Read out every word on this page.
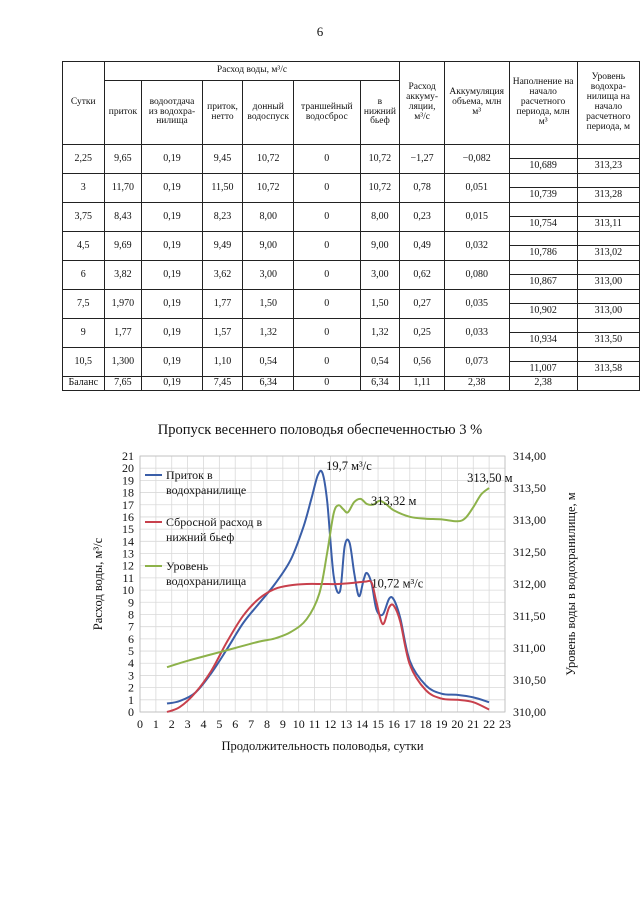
6
Сутки	Расход воды, м³/с						Расход аккуму-ляции, м³/с	Аккумуляция объема, млн м³	Наполнение на начало расчетного периода, млн м³	Уровень водохра-нилища на начало расчетного периода, м
	приток	водоотдача из водохра-нилища	приток, нетто	донный водоспуск	траншейный водосброс	в нижний бьеф				
2,25	9,65	0,19	9,45	10,72	0	10,72	−1,27	−0,082		
									10,689	313,23
3	11,70	0,19	11,50	10,72	0	10,72	0,78	0,051		
									10,739	313,28
3,75	8,43	0,19	8,23	8,00	0	8,00	0,23	0,015		
									10,754	313,11
4,5	9,69	0,19	9,49	9,00	0	9,00	0,49	0,032		
									10,786	313,02
6	3,82	0,19	3,62	3,00	0	3,00	0,62	0,080		
									10,867	313,00
7,5	1,970	0,19	1,77	1,50	0	1,50	0,27	0,035		
									10,902	313,00
9	1,77	0,19	1,57	1,32	0	1,32	0,25	0,033		
									10,934	313,50
10,5	1,300	0,19	1,10	0,54	0	0,54	0,56	0,073		
									11,007	313,58
Баланс	7,65	0,19	7,45	6,34	0	6,34	1,11	2,38	2,38	
Пропуск весеннего половодья обеспеченностью 3 %
0
1
2
3
4
5
6
7
8
9
10
11
12
13
14
15
16
17
18
19
20
21
0 1 2 3 4 5 6 7 8 9 10 11 12 13 14 15 16 17 18 19 20 21 22 23
310,00
310,50
311,00
311,50
312,00
312,50
313,00
313,50
314,00
Продолжительность половодья, сутки
Расход воды, м³/с	Уровень воды в водохранилище, м
Приток в
водохранилище
Сбросной расход в
нижний бьеф
Уровень
водохранилища
19,7 м³/с
313,32 м
313,50 м
10,72 м³/с
